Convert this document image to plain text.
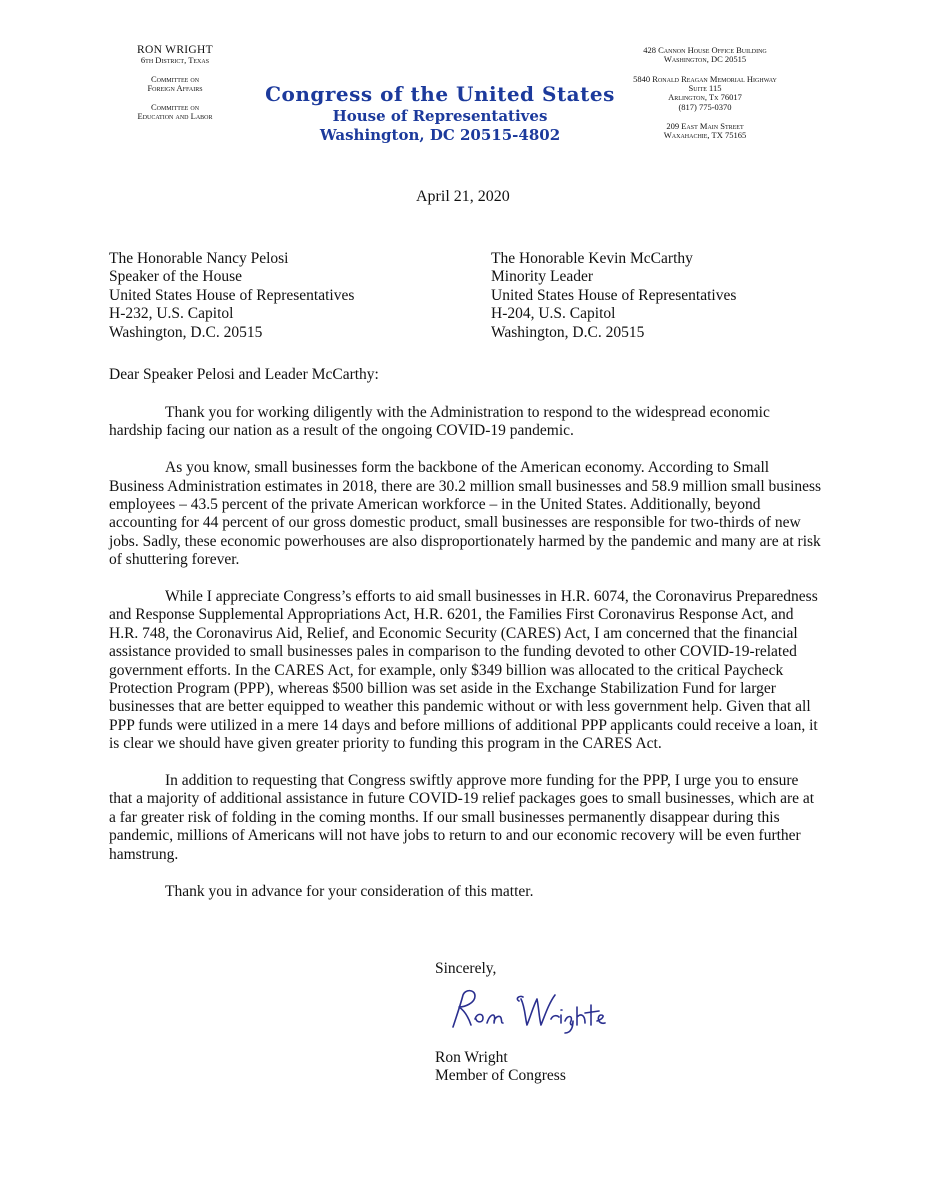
RON WRIGHT
6th District, Texas
Committee on
Foreign Affairs
Committee on
Education and Labor
Congress of the United States
House of Representatives
Washington, DC 20515-4802
428 Cannon House Office Building
Washington, DC 20515
5840 Ronald Reagan Memorial Highway
Suite 115
Arlington, Tx 76017
(817) 775-0370
209 East Main Street
Waxahachie, TX 75165
April 21, 2020
The Honorable Nancy Pelosi
Speaker of the House
United States House of Representatives
H-232, U.S. Capitol
Washington, D.C. 20515
The Honorable Kevin McCarthy
Minority Leader
United States House of Representatives
H-204, U.S. Capitol
Washington, D.C. 20515
Dear Speaker Pelosi and Leader McCarthy:

Thank you for working diligently with the Administration to respond to the widespread economic hardship facing our nation as a result of the ongoing COVID-19 pandemic.

As you know, small businesses form the backbone of the American economy. According to Small Business Administration estimates in 2018, there are 30.2 million small businesses and 58.9 million small business employees – 43.5 percent of the private American workforce – in the United States. Additionally, beyond accounting for 44 percent of our gross domestic product, small businesses are responsible for two-thirds of new jobs. Sadly, these economic powerhouses are also disproportionately harmed by the pandemic and many are at risk of shuttering forever.

While I appreciate Congress’s efforts to aid small businesses in H.R. 6074, the Coronavirus Preparedness and Response Supplemental Appropriations Act, H.R. 6201, the Families First Coronavirus Response Act, and H.R. 748, the Coronavirus Aid, Relief, and Economic Security (CARES) Act, I am concerned that the financial assistance provided to small businesses pales in comparison to the funding devoted to other COVID-19-related government efforts. In the CARES Act, for example, only $349 billion was allocated to the critical Paycheck Protection Program (PPP), whereas $500 billion was set aside in the Exchange Stabilization Fund for larger businesses that are better equipped to weather this pandemic without or with less government help. Given that all PPP funds were utilized in a mere 14 days and before millions of additional PPP applicants could receive a loan, it is clear we should have given greater priority to funding this program in the CARES Act.

In addition to requesting that Congress swiftly approve more funding for the PPP, I urge you to ensure that a majority of additional assistance in future COVID-19 relief packages goes to small businesses, which are at a far greater risk of folding in the coming months. If our small businesses permanently disappear during this pandemic, millions of Americans will not have jobs to return to and our economic recovery will be even further hamstrung.

Thank you in advance for your consideration of this matter.

Sincerely,
Ron Wright
Member of Congress
